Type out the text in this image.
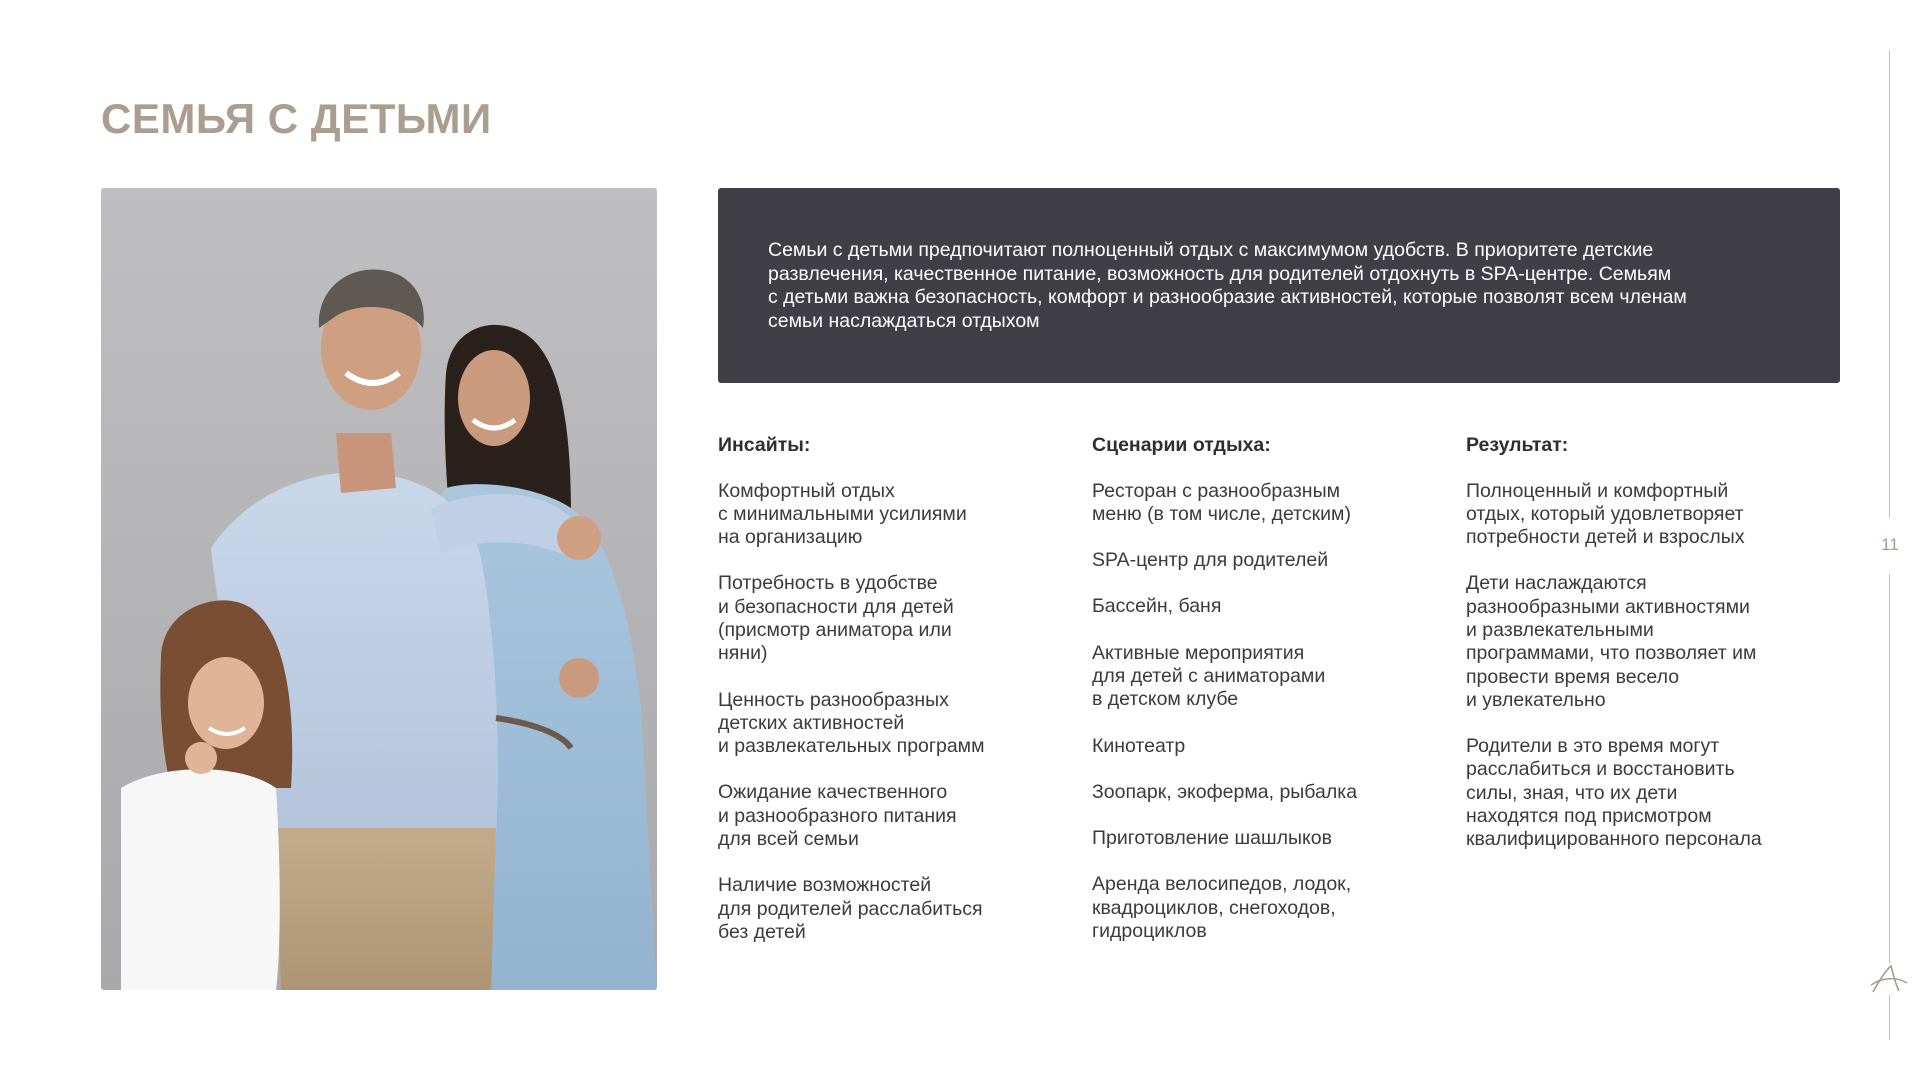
СЕМЬЯ С ДЕТЬМИ

Семьи с детьми предпочитают полноценный отдых с максимумом удобств. В приоритете детские
развлечения, качественное питание, возможность для родителей отдохнуть в SPA-центре. Семьям
с детьми важна безопасность, комфорт и разнообразие активностей, которые позволят всем членам
семьи наслаждаться отдыхом

Инсайты:
Комфортный отдых
с минимальными усилиями
на организацию
Потребность в удобстве
и безопасности для детей
(присмотр аниматора или
няни)
Ценность разнообразных
детских активностей
и развлекательных программ
Ожидание качественного
и разнообразного питания
для всей семьи
Наличие возможностей
для родителей расслабиться
без детей
Сценарии отдыха:
Ресторан с разнообразным
меню (в том числе, детским)
SPA-центр для родителей
Бассейн, баня
Активные мероприятия
для детей с аниматорами
в детском клубе
Кинотеатр
Зоопарк, экоферма, рыбалка
Приготовление шашлыков
Аренда велосипедов, лодок,
квадроциклов, снегоходов,
гидроциклов
Результат:
Полноценный и комфортный
отдых, который удовлетворяет
потребности детей и взрослых
Дети наслаждаются
разнообразными активностями
и развлекательными
программами, что позволяет им
провести время весело
и увлекательно
Родители в это время могут
расслабиться и восстановить
силы, зная, что их дети
находятся под присмотром
квалифицированного персонала
11
